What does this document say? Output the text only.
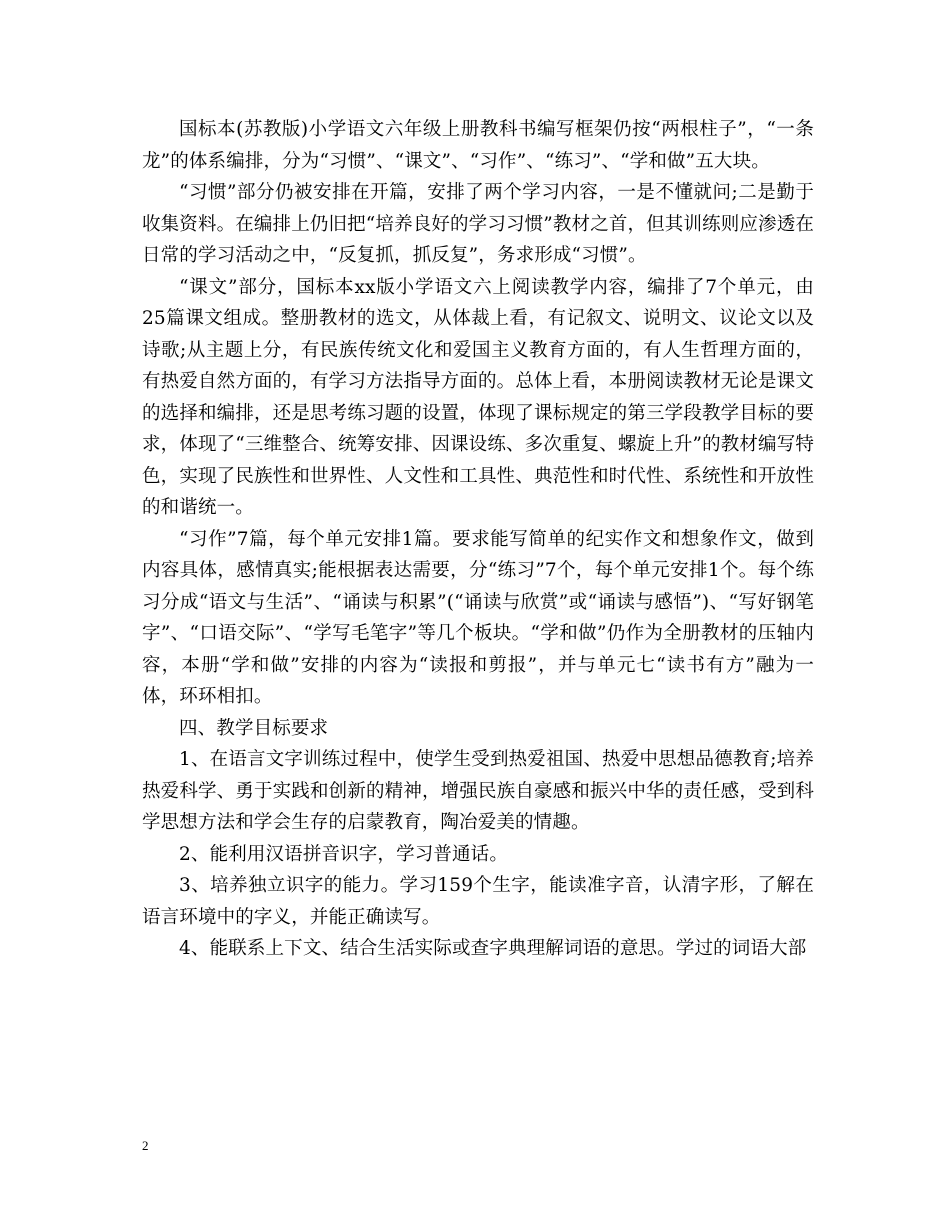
国标本(苏教版)小学语文六年级上册教科书编写框架仍按“两根柱子”，“一条龙”的体系编排，分为“习惯”、“课文”、“习作”、“练习”、“学和做”五大块。

“习惯”部分仍被安排在开篇，安排了两个学习内容，一是不懂就问;二是勤于收集资料。在编排上仍旧把“培养良好的学习习惯”教材之首，但其训练则应渗透在日常的学习活动之中，“反复抓，抓反复”，务求形成“习惯”。

“课文”部分，国标本xx版小学语文六上阅读教学内容，编排了7个单元，由25篇课文组成。整册教材的选文，从体裁上看，有记叙文、说明文、议论文以及诗歌;从主题上分，有民族传统文化和爱国主义教育方面的，有人生哲理方面的，有热爱自然方面的，有学习方法指导方面的。总体上看，本册阅读教材无论是课文的选择和编排，还是思考练习题的设置，体现了课标规定的第三学段教学目标的要求，体现了“三维整合、统筹安排、因课设练、多次重复、螺旋上升”的教材编写特色，实现了民族性和世界性、人文性和工具性、典范性和时代性、系统性和开放性的和谐统一。

“习作”7篇，每个单元安排1篇。要求能写简单的纪实作文和想象作文，做到内容具体，感情真实;能根据表达需要，分“练习”7个，每个单元安排1个。每个练习分成“语文与生活”、“诵读与积累”(“诵读与欣赏”或“诵读与感悟”)、“写好钢笔字”、“口语交际”、“学写毛笔字”等几个板块。“学和做”仍作为全册教材的压轴内容，本册“学和做”安排的内容为“读报和剪报”，并与单元七“读书有方”融为一体，环环相扣。

四、教学目标要求

1、在语言文字训练过程中，使学生受到热爱祖国、热爱中思想品德教育;培养热爱科学、勇于实践和创新的精神，增强民族自豪感和振兴中华的责任感，受到科学思想方法和学会生存的启蒙教育，陶冶爱美的情趣。

2、能利用汉语拼音识字，学习普通话。

3、培养独立识字的能力。学习159个生字，能读准字音，认清字形，了解在语言环境中的字义，并能正确读写。

4、能联系上下文、结合生活实际或查字典理解词语的意思。学过的词语大部

2
